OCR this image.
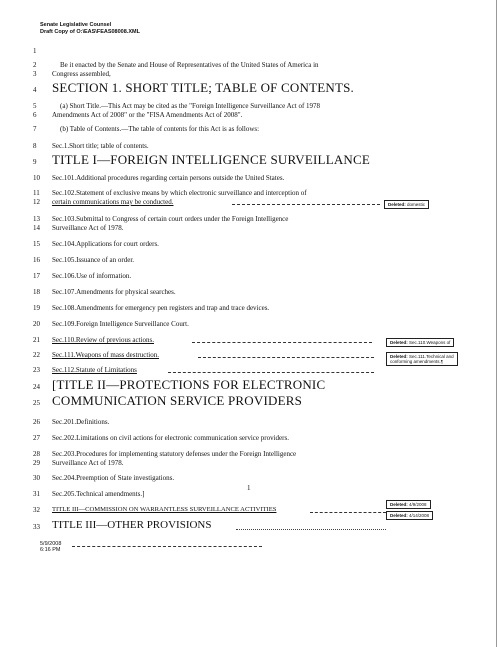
Senate Legislative Counsel
Draft Copy of O:\EAS\FEAS08008.XML
1
2	Be it enacted by the Senate and House of Representatives of the United States of America in
3	Congress assembled,
4	SECTION 1. SHORT TITLE; TABLE OF CONTENTS.
5	(a) Short Title.—This Act may be cited as the "Foreign Intelligence Surveillance Act of 1978
6	Amendments Act of 2008" or the "FISA Amendments Act of 2008".
7	(b) Table of Contents.—The table of contents for this Act is as follows:
8	Sec.1.Short title; table of contents.
9	TITLE I—FOREIGN INTELLIGENCE SURVEILLANCE
10	Sec.101.Additional procedures regarding certain persons outside the United States.
11	Sec.102.Statement of exclusive means by which electronic surveillance and interception of
12	certain communications may be conducted.
13	Sec.103.Submittal to Congress of certain court orders under the Foreign Intelligence
14	Surveillance Act of 1978.
15	Sec.104.Applications for court orders.
16	Sec.105.Issuance of an order.
17	Sec.106.Use of information.
18	Sec.107.Amendments for physical searches.
19	Sec.108.Amendments for emergency pen registers and trap and trace devices.
20	Sec.109.Foreign Intelligence Surveillance Court.
21	Sec.110.Review of previous actions.
22	Sec.111.Weapons of mass destruction.
23	Sec.112.Statute of Limitations
24 [TITLE II—PROTECTIONS FOR ELECTRONIC
25 COMMUNICATION SERVICE PROVIDERS
26	Sec.201.Definitions.
27	Sec.202.Limitations on civil actions for electronic communication service providers.
28	Sec.203.Procedures for implementing statutory defenses under the Foreign Intelligence
29	Surveillance Act of 1978.
30	Sec.204.Preemption of State investigations.
31	Sec.205.Technical amendments.]
32	TITLE III—COMMISSION ON WARRANTLESS SURVEILLANCE ACTIVITIES
33 TITLE III—OTHER PROVISIONS
Deleted: domestic
Deleted: Sec.110.Weapons of
Deleted: Sec.111.Technical and
conforming amendments.¶
Deleted: 4/9/2008
Deleted: 4/14/2008
1
5/9/2008
6:16 PM
